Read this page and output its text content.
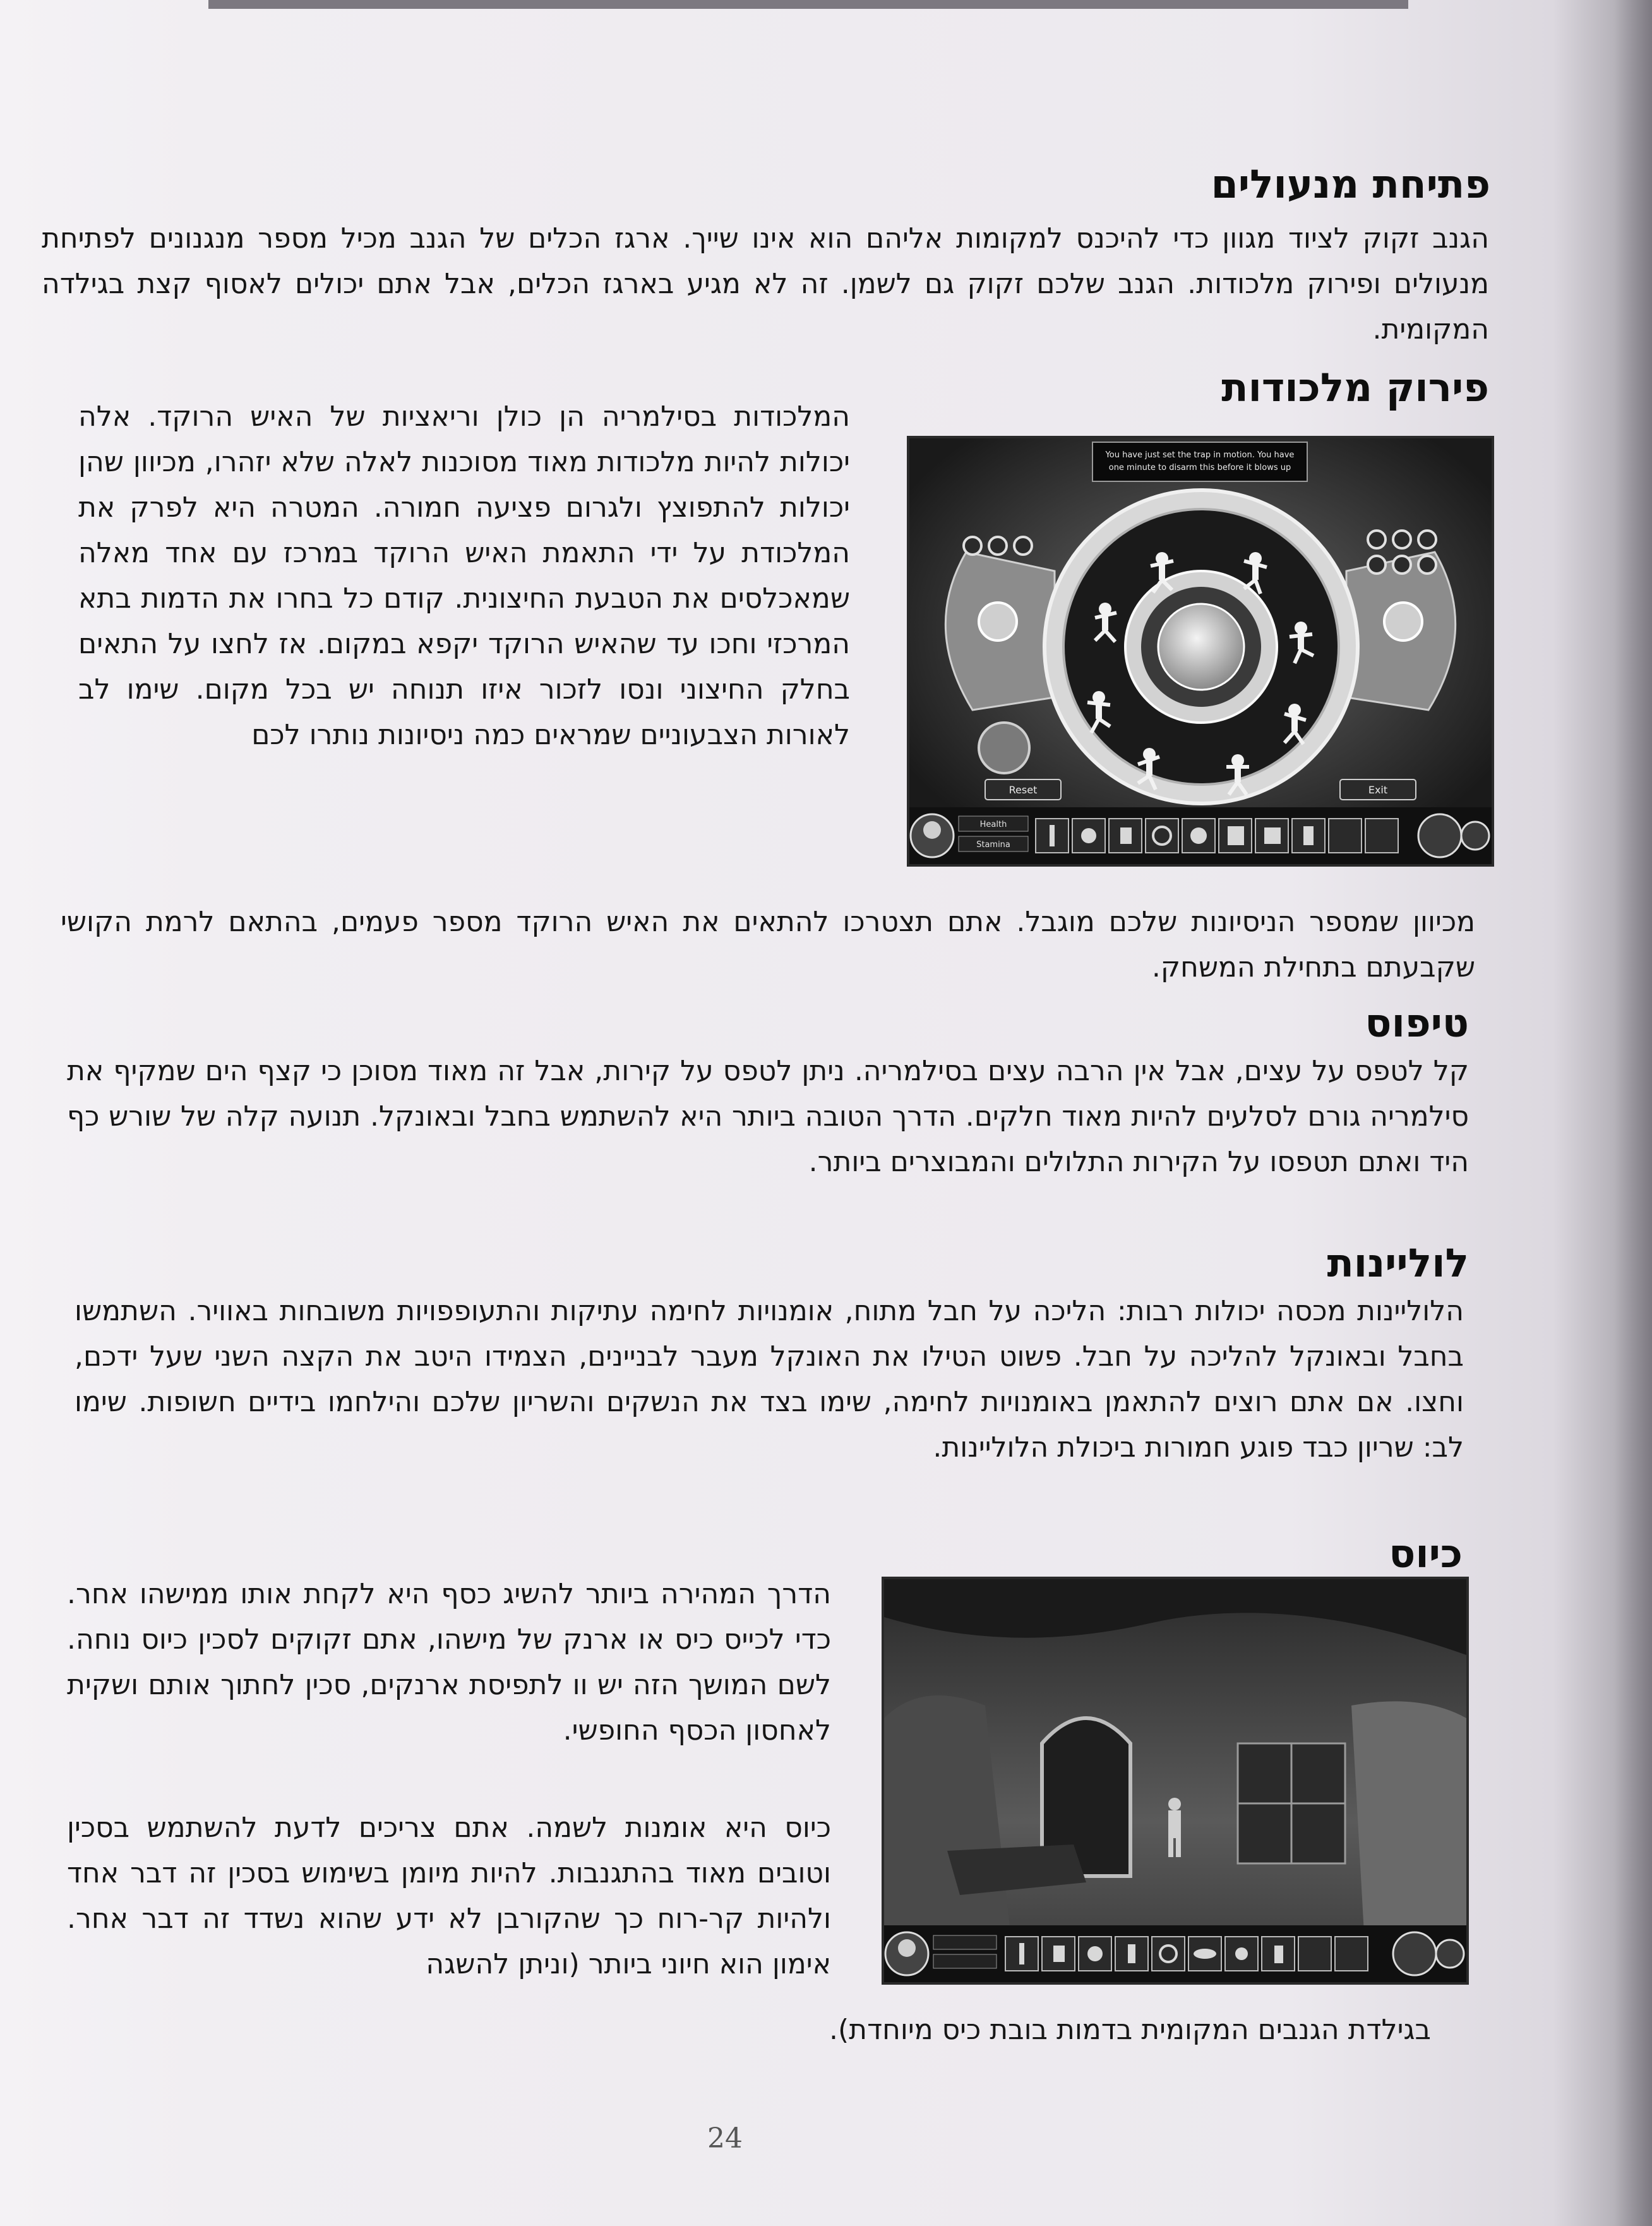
פתיחת מנעולים

הגנב זקוק לציוד מגוון כדי להיכנס למקומות אליהם הוא אינו שייך. ארגז הכלים של הגנב מכיל מספר מנגנונים לפתיחת מנעולים ופירוק מלכודות. הגנב שלכם זקוק גם לשמן. זה לא מגיע בארגז הכלים, אבל אתם יכולים לאסוף קצת בגילדה המקומית.

פירוק מלכודות

המלכודות בסילמריה הן כולן וריאציות של האיש הרוקד. אלה יכולות להיות מלכודות מאוד מסוכנות לאלה שלא יזהרו, מכיוון שהן יכולות להתפוצץ ולגרום פציעה חמורה. המטרה היא לפרק את המלכודת על ידי התאמת האיש הרוקד במרכז עם אחד מאלה שמאכלסים את הטבעת החיצונית. קודם כל בחרו את הדמות בתא המרכזי וחכו עד שהאיש הרוקד יקפא במקום. אז לחצו על התאים בחלק החיצוני ונסו לזכור איזו תנוחה יש בכל מקום. שימו לב לאורות הצבעוניים שמראים כמה ניסיונות נותרו לכם

You have just set the trap in motion. You have
one minute to disarm this before it blows up
Reset	Exit
Health
Stamina

מכיוון שמספר הניסיונות שלכם מוגבל. אתם תצטרכו להתאים את האיש הרוקד מספר פעמים, בהתאם לרמת הקושי שקבעתם בתחילת המשחק.

טיפוס

קל לטפס על עצים, אבל אין הרבה עצים בסילמריה. ניתן לטפס על קירות, אבל זה מאוד מסוכן כי קצף הים שמקיף את סילמריה גורם לסלעים להיות מאוד חלקים. הדרך הטובה ביותר היא להשתמש בחבל ובאונקל. תנועה קלה של שורש כף היד ואתם תטפסו על הקירות התלולים והמבוצרים ביותר.

לוליינות

הלוליינות מכסה יכולות רבות: הליכה על חבל מתוח, אומנויות לחימה עתיקות והתעופפויות משובחות באוויר. השתמשו בחבל ובאונקל להליכה על חבל. פשוט הטילו את האונקל מעבר לבניינים, הצמידו היטב את הקצה השני שעל ידכם, וחצו. אם אתם רוצים להתאמן באומנויות לחימה, שימו בצד את הנשקים והשריון שלכם והילחמו בידיים חשופות. שימו לב: שריון כבד פוגע חמורות ביכולת הלוליינות.

כיוס

הדרך המהירה ביותר להשיג כסף היא לקחת אותו ממישהו אחר. כדי לכייס כיס או ארנק של מישהו, אתם זקוקים לסכין כיוס נוחה. לשם המושך הזה יש וו לתפיסת ארנקים, סכין לחתוך אותם ושקית לאחסון הכסף החופשי.

כיוס היא אומנות לשמה. אתם צריכים לדעת להשתמש בסכין וטובים מאוד בהתגנבות. להיות מיומן בשימוש בסכין זה דבר אחד ולהיות קר-רוח כך שהקורבן לא ידע שהוא נשדד זה דבר אחר. אימון הוא חיוני ביותר (וניתן להשגה

בגילדת הגנבים המקומית בדמות בובת כיס מיוחדת).

24
